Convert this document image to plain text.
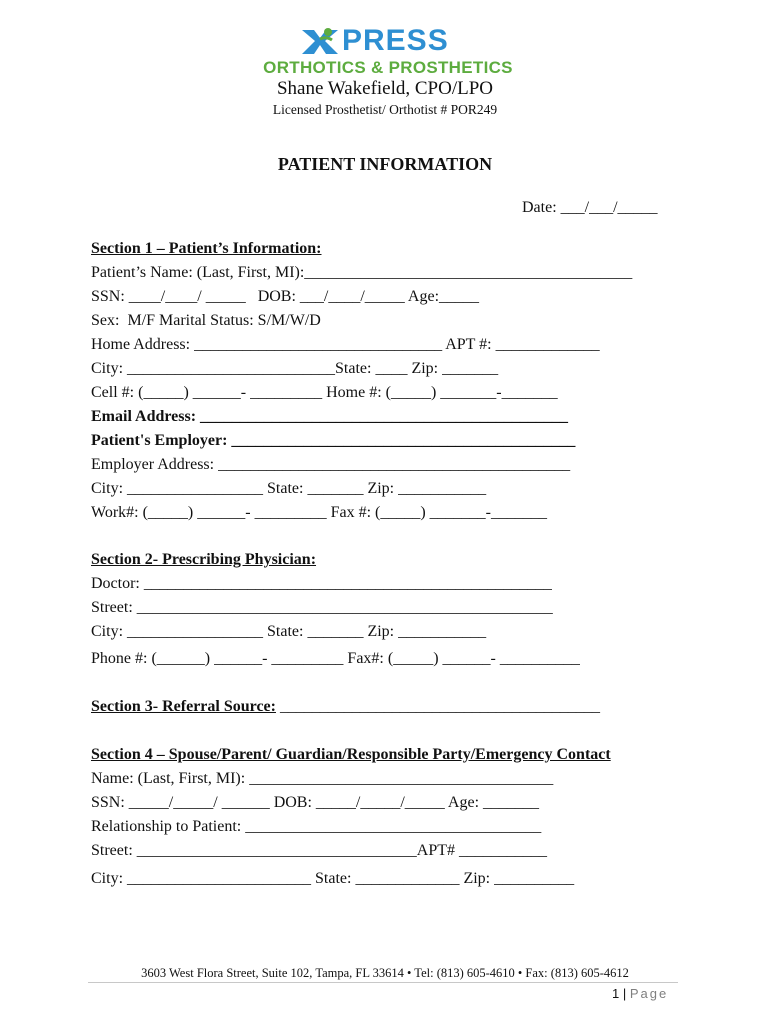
PRESS
ORTHOTICS & PROSTHETICS
Shane Wakefield, CPO/LPO
Licensed Prosthetist/ Orthotist # POR249
PATIENT INFORMATION
Date: ___/___/_____
Section 1 – Patient’s Information:
Patient’s Name: (Last, First, MI):_________________________________________
SSN: ____/____/ _____   DOB: ___/____/_____ Age:_____
Sex:  M/F Marital Status: S/M/W/D
Home Address: _______________________________ APT #: _____________
City: __________________________State: ____ Zip: _______
Cell #: (_____) ______- _________ Home #: (_____) _______-_______
Email Address: ______________________________________________
Patient's Employer: ___________________________________________
Employer Address: ____________________________________________
City: _________________ State: _______ Zip: ___________
Work#: (_____) ______- _________ Fax #: (_____) _______-_______
Section 2- Prescribing Physician:
Doctor: ___________________________________________________
Street: ____________________________________________________
City: _________________ State: _______ Zip: ___________
Phone #: (______) ______- _________ Fax#: (_____) ______- __________
Section 3- Referral Source: ________________________________________
Section 4 – Spouse/Parent/ Guardian/Responsible Party/Emergency Contact
Name: (Last, First, MI): ______________________________________
SSN: _____/_____/ ______ DOB: _____/_____/_____ Age: _______
Relationship to Patient: _____________________________________
Street: ___________________________________APT# ___________
City: _______________________ State: _____________ Zip: __________
3603 West Flora Street, Suite 102, Tampa, FL 33614 • Tel: (813) 605-4610 • Fax: (813) 605-4612
1 | Page
